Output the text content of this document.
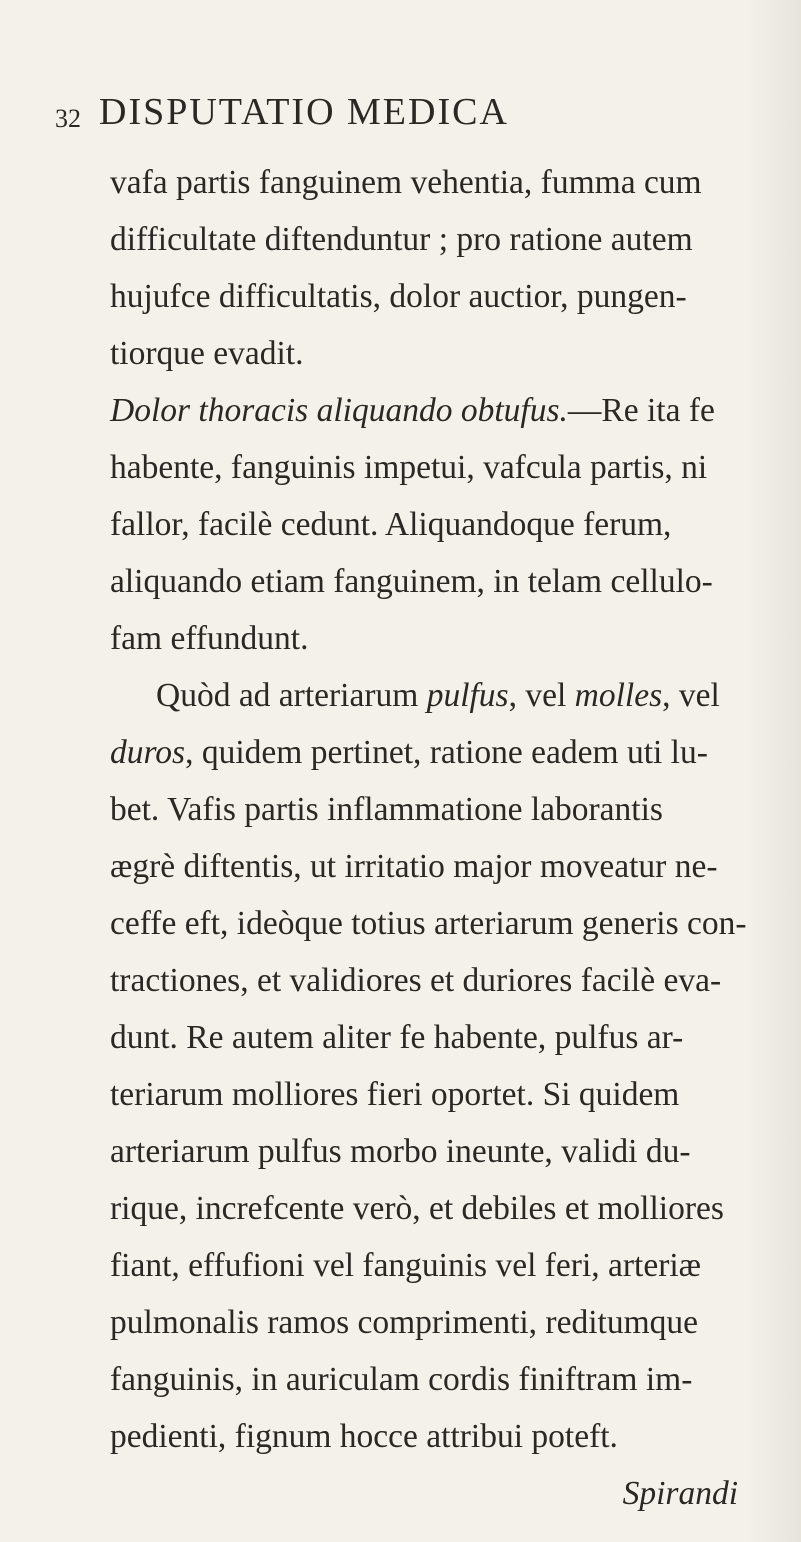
32 DISPUTATIO MEDICA
vafa partis fanguinem vehentia, fumma cum
difficultate diftenduntur ; pro ratione autem
hujufce difficultatis, dolor auctior, pungen-
tiorque evadit.
Dolor thoracis aliquando obtufus.—Re ita fe
habente, fanguinis impetui, vafcula partis, ni
fallor, facilè cedunt. Aliquandoque ferum,
aliquando etiam fanguinem, in telam cellulo-
fam effundunt.
Quòd ad arteriarum pulfus, vel molles, vel
duros, quidem pertinet, ratione eadem uti lu-
bet. Vafis partis inflammatione laborantis
ægrè diftentis, ut irritatio major moveatur ne-
ceffe eft, ideòque totius arteriarum generis con-
tractiones, et validiores et duriores facilè eva-
dunt. Re autem aliter fe habente, pulfus ar-
teriarum molliores fieri oportet. Si quidem
arteriarum pulfus morbo ineunte, validi du-
rique, increfcente verò, et debiles et molliores
fiant, effufioni vel fanguinis vel feri, arteriæ
pulmonalis ramos comprimenti, reditumque
fanguinis, in auriculam cordis finiftram im-
pedienti, fignum hocce attribui poteft.
Spirandi
